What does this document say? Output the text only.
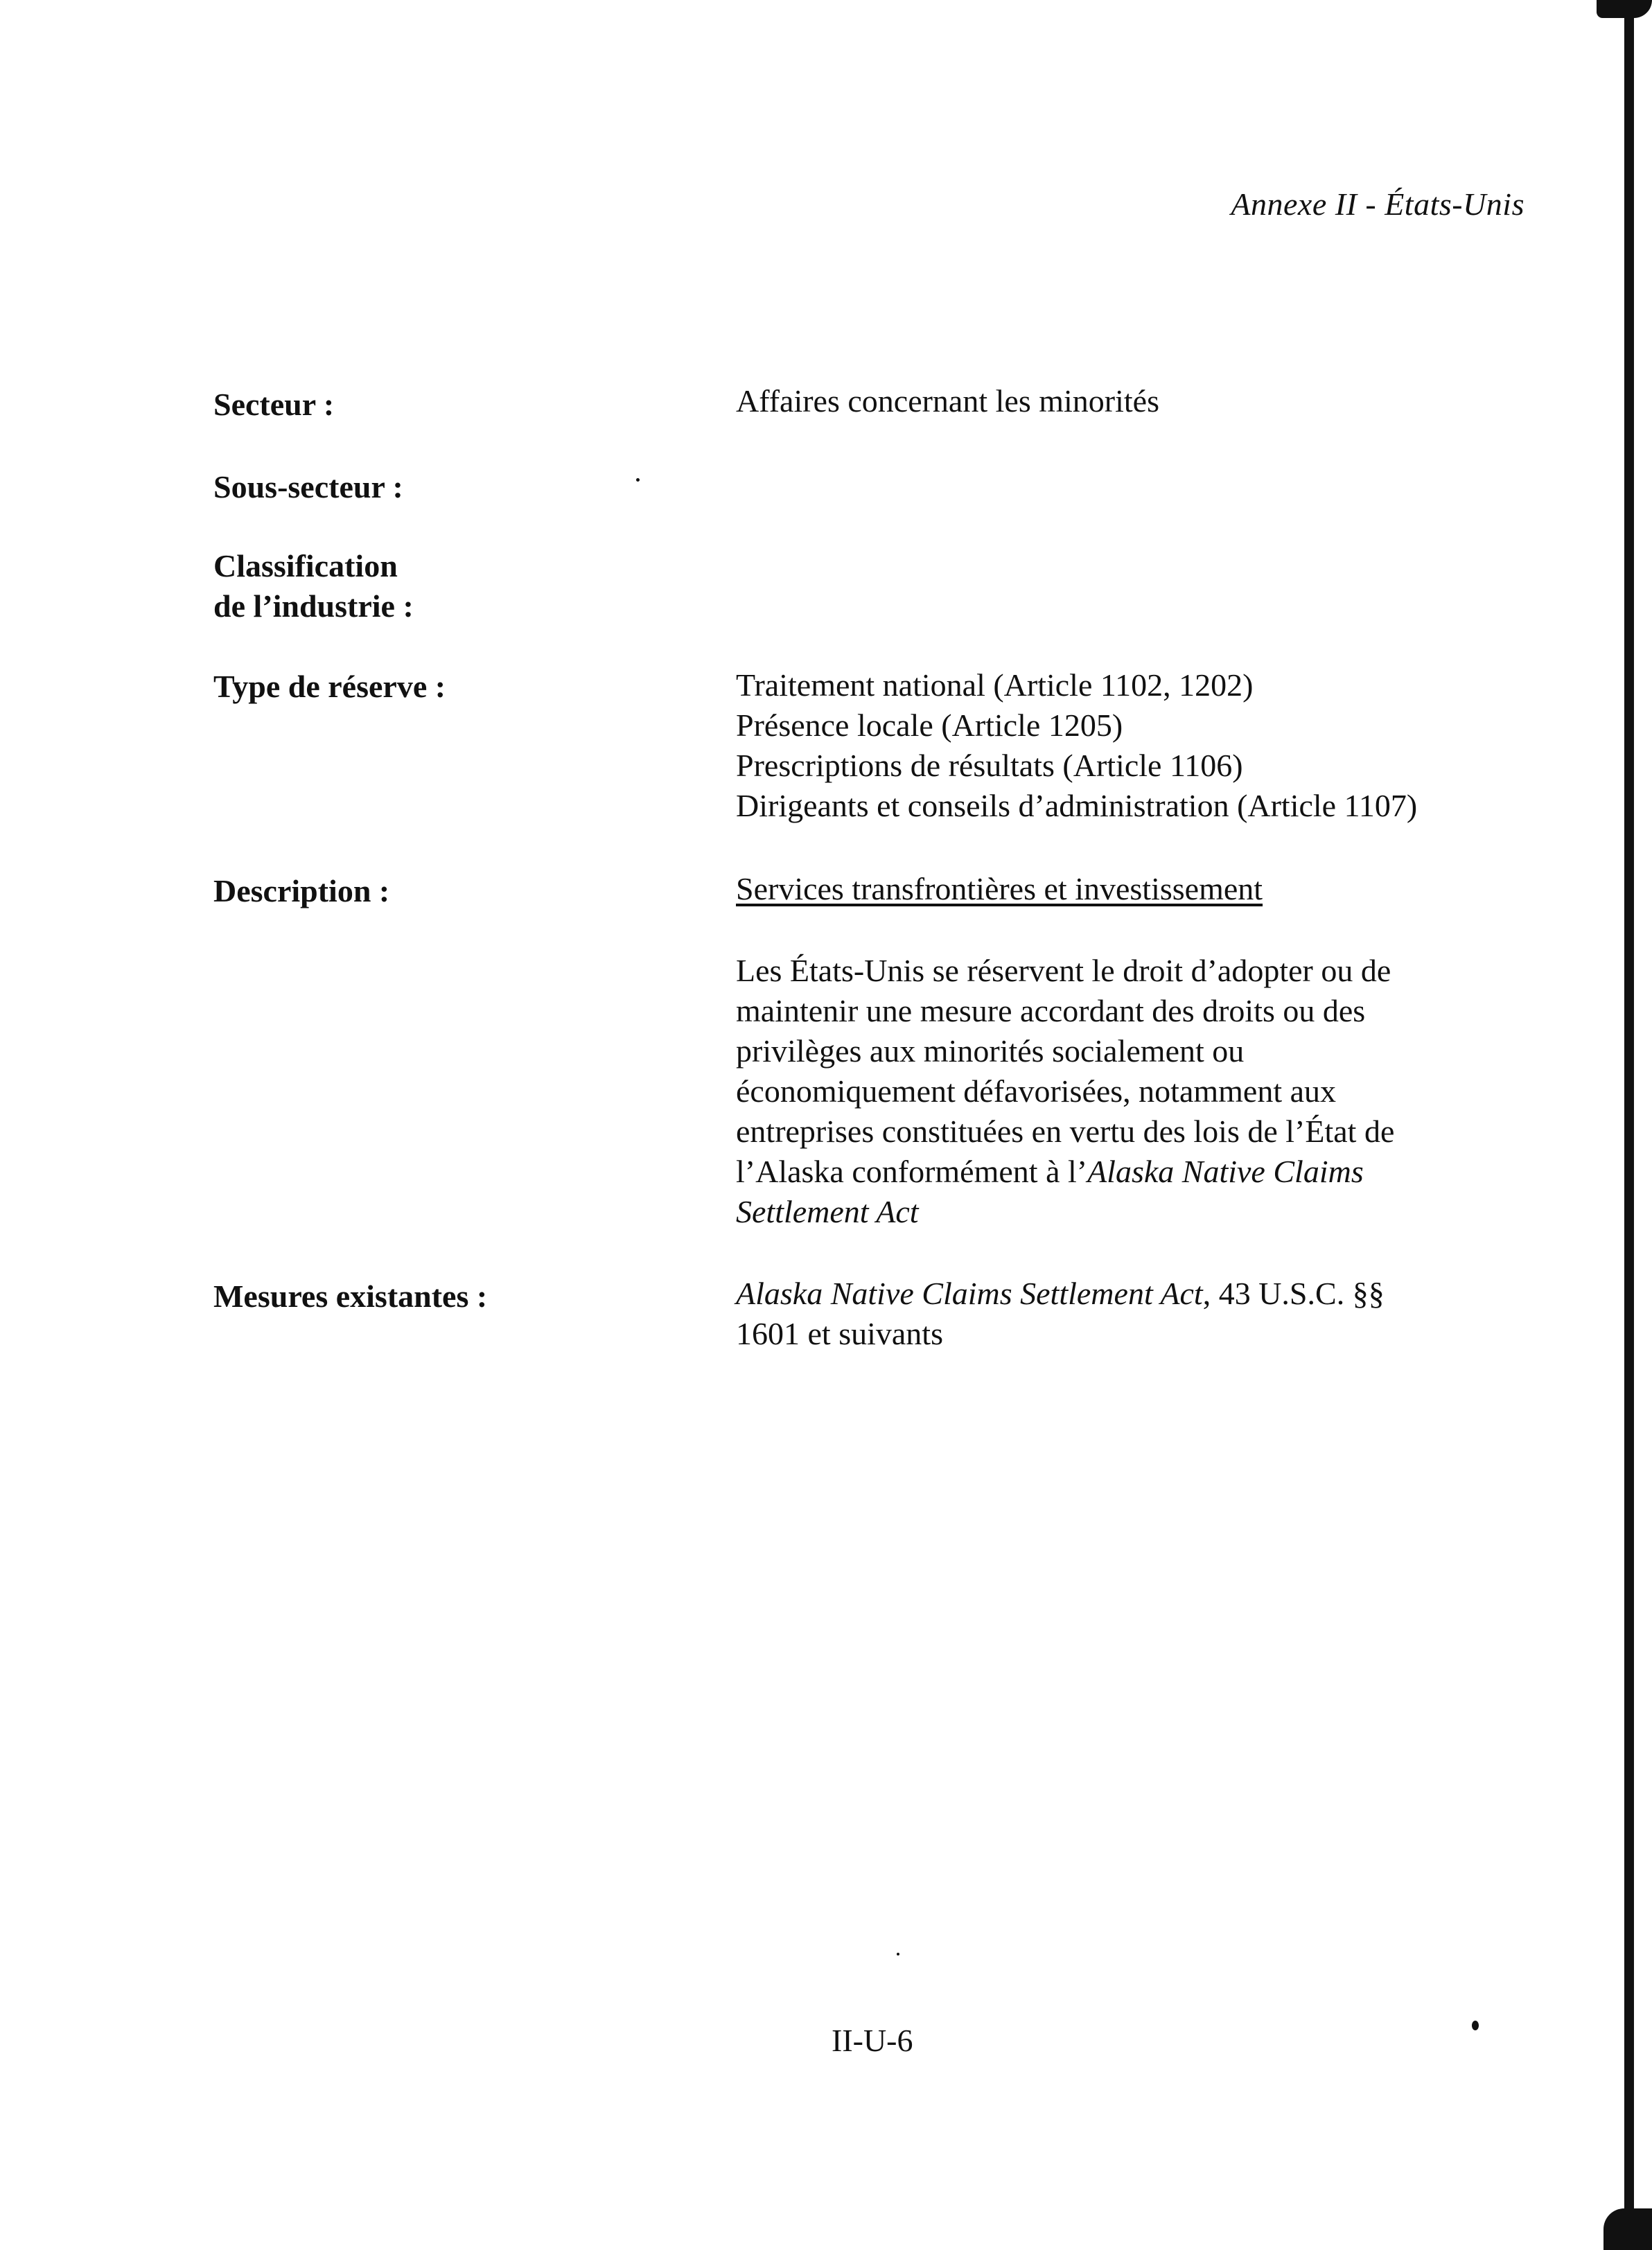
Annexe II - États-Unis
Secteur :	Affaires concernant les minorités
Sous-secteur :
Classification
de l’industrie :
Type de réserve :	Traitement national (Article 1102, 1202)
Présence locale (Article 1205)
Prescriptions de résultats (Article 1106)
Dirigeants et conseils d’administration (Article 1107)
Description :	Services transfrontières et investissement
Les États-Unis se réservent le droit d’adopter ou de
maintenir une mesure accordant des droits ou des
privilèges aux minorités socialement ou
économiquement défavorisées, notamment aux
entreprises constituées en vertu des lois de l’État de
l’Alaska conformément à l’Alaska Native Claims
Settlement Act
Mesures existantes :	Alaska Native Claims Settlement Act, 43 U.S.C. §§
1601 et suivants
II-U-6
